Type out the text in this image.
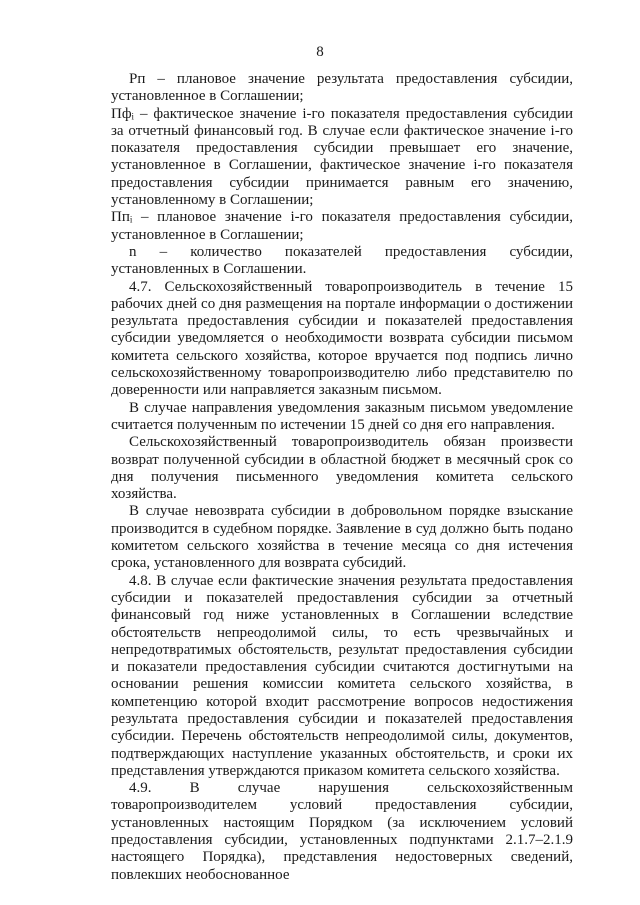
8

Рп – плановое значение результата предоставления субсидии, установленное в Соглашении;

Пфᵢ – фактическое значение i-го показателя предоставления субсидии за отчетный финансовый год. В случае если фактическое значение i-го показателя предоставления субсидии превышает его значение, установленное в Соглашении, фактическое значение i-го показателя предоставления субсидии принимается равным его значению, установленному в Соглашении;

Ппᵢ – плановое значение i-го показателя предоставления субсидии, установленное в Соглашении;

n – количество показателей предоставления субсидии, установленных в Соглашении.

4.7. Сельскохозяйственный товаропроизводитель в течение 15 рабочих дней со дня размещения на портале информации о достижении результата предоставления субсидии и показателей предоставления субсидии уведомляется о необходимости возврата субсидии письмом комитета сельского хозяйства, которое вручается под подпись лично сельскохозяйственному товаропроизводителю либо представителю по доверенности или направляется заказным письмом.

В случае направления уведомления заказным письмом уведомление считается полученным по истечении 15 дней со дня его направления.

Сельскохозяйственный товаропроизводитель обязан произвести возврат полученной субсидии в областной бюджет в месячный срок со дня получения письменного уведомления комитета сельского хозяйства.

В случае невозврата субсидии в добровольном порядке взыскание производится в судебном порядке. Заявление в суд должно быть подано комитетом сельского хозяйства в течение месяца со дня истечения срока, установленного для возврата субсидий.

4.8. В случае если фактические значения результата предоставления субсидии и показателей предоставления субсидии за отчетный финансовый год ниже установленных в Соглашении вследствие обстоятельств непреодолимой силы, то есть чрезвычайных и непредотвратимых обстоятельств, результат предоставления субсидии и показатели предоставления субсидии считаются достигнутыми на основании решения комиссии комитета сельского хозяйства, в компетенцию которой входит рассмотрение вопросов недостижения результата предоставления субсидии и показателей предоставления субсидии. Перечень обстоятельств непреодолимой силы, документов, подтверждающих наступление указанных обстоятельств, и сроки их представления утверждаются приказом комитета сельского хозяйства.

4.9. В случае нарушения сельскохозяйственным товаропроизводителем условий предоставления субсидии, установленных настоящим Порядком (за исключением условий предоставления субсидии, установленных подпунктами 2.1.7–2.1.9 настоящего Порядка), представления недостоверных сведений, повлекших необоснованное
